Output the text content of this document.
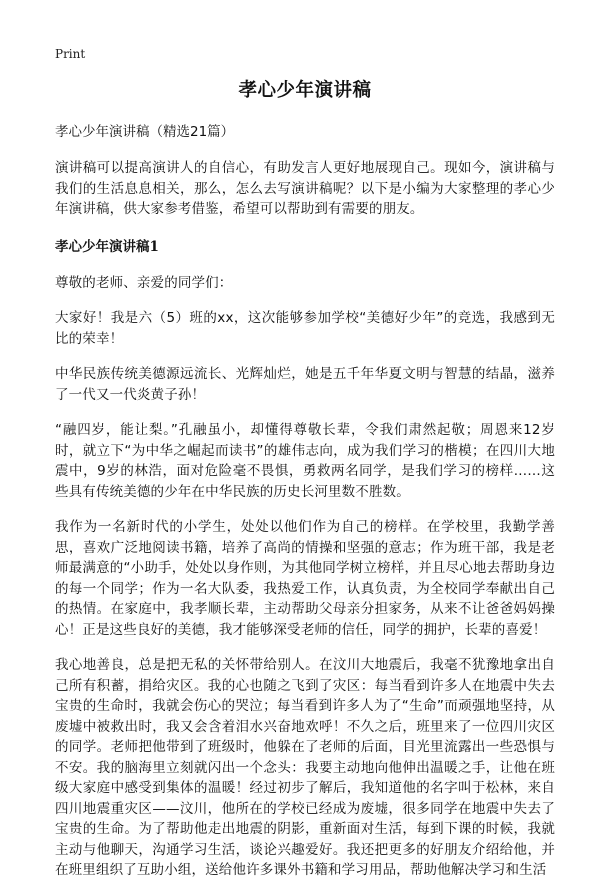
Print
孝心少年演讲稿

孝心少年演讲稿（精选21篇）

演讲稿可以提高演讲人的自信心，有助发言人更好地展现自己。现如今，演讲稿与我们的生活息息相关，那么，怎么去写演讲稿呢？以下是小编为大家整理的孝心少年演讲稿，供大家参考借鉴，希望可以帮助到有需要的朋友。

孝心少年演讲稿1

尊敬的老师、亲爱的同学们：

大家好！我是六（5）班的xx，这次能够参加学校“美德好少年”的竞选，我感到无比的荣幸！

中华民族传统美德源远流长、光辉灿烂，她是五千年华夏文明与智慧的结晶，滋养了一代又一代炎黄子孙！

“融四岁，能让梨。”孔融虽小，却懂得尊敬长辈，令我们肃然起敬；周恩来12岁时，就立下“为中华之崛起而读书”的雄伟志向，成为我们学习的楷模；在四川大地震中，9岁的林浩，面对危险毫不畏惧，勇救两名同学，是我们学习的榜样……这些具有传统美德的少年在中华民族的历史长河里数不胜数。

我作为一名新时代的小学生，处处以他们作为自己的榜样。在学校里，我勤学善思，喜欢广泛地阅读书籍，培养了高尚的情操和坚强的意志；作为班干部，我是老师最满意的“小助手，处处以身作则，为其他同学树立榜样，并且尽心地去帮助身边的每一个同学；作为一名大队委，我热爱工作，认真负责，为全校同学奉献出自己的热情。在家庭中，我孝顺长辈，主动帮助父母亲分担家务，从来不让爸爸妈妈操心！正是这些良好的美德，我才能够深受老师的信任，同学的拥护，长辈的喜爱！

我心地善良，总是把无私的关怀带给别人。在汶川大地震后，我毫不犹豫地拿出自己所有积蓄，捐给灾区。我的心也随之飞到了灾区：每当看到许多人在地震中失去宝贵的生命时，我就会伤心的哭泣；每当看到许多人为了“生命”而顽强地坚持，从废墟中被救出时，我又会含着泪水兴奋地欢呼！不久之后，班里来了一位四川灾区的同学。老师把他带到了班级时，他躲在了老师的后面，目光里流露出一些恐惧与不安。我的脑海里立刻就闪出一个念头：我要主动地向他伸出温暖之手，让他在班级大家庭中感受到集体的温暖！经过初步了解后，我知道他的名字叫于松林，来自四川地震重灾区——汶川，他所在的学校已经成为废墟，很多同学在地震中失去了宝贵的生命。为了帮助他走出地震的阴影，重新面对生活，每到下课的时候，我就主动与他聊天，沟通学习生活，谈论兴趣爱好。我还把更多的好朋友介绍给他，并在班里组织了互助小组，送给他许多课外书籍和学习用品，帮助他解决学习和生活
